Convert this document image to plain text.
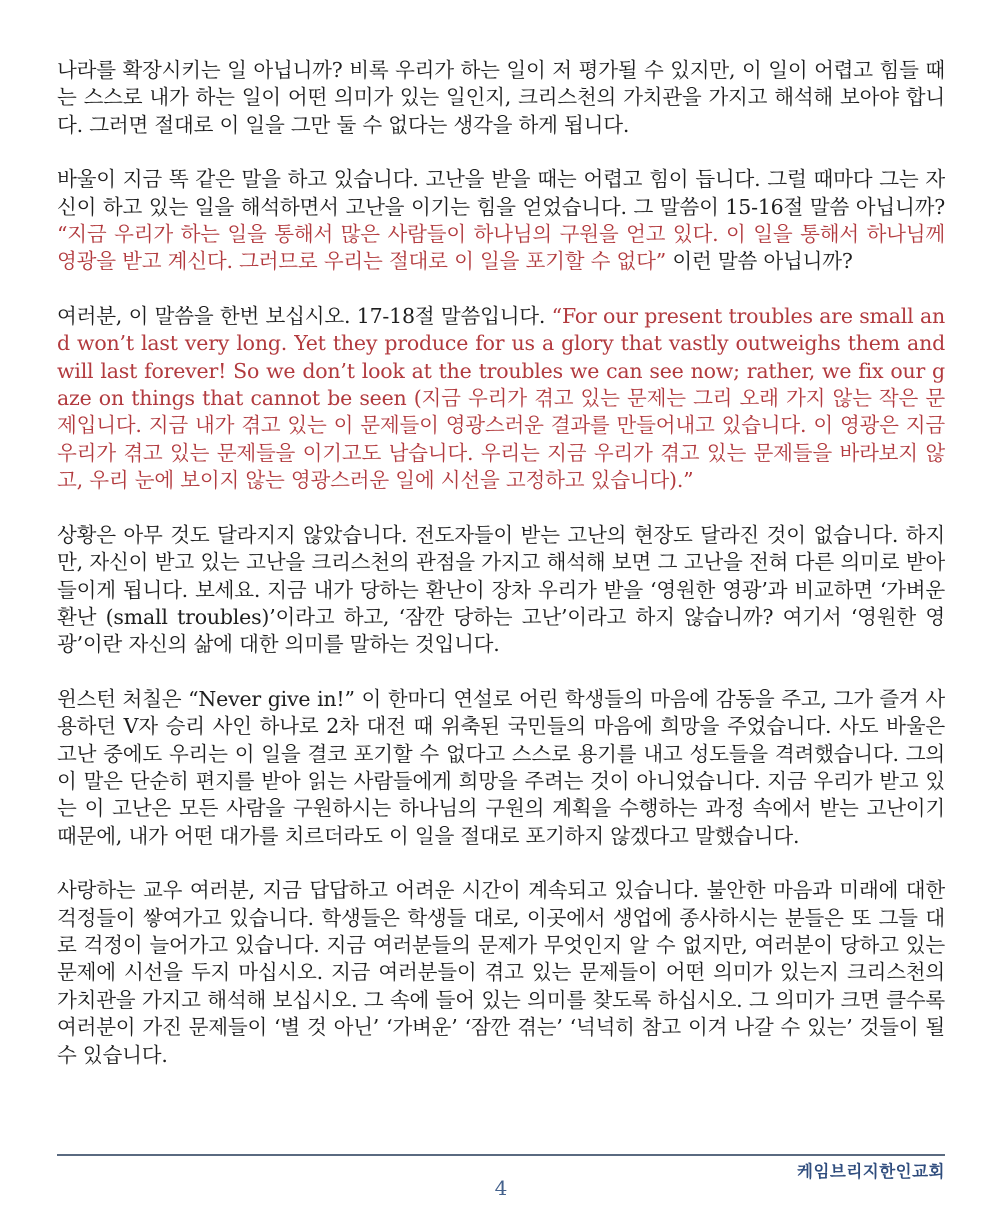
나라를 확장시키는 일 아닙니까? 비록 우리가 하는 일이 저 평가될 수 있지만, 이 일이 어렵고 힘들 때는 스스로 내가 하는 일이 어떤 의미가 있는 일인지, 크리스천의 가치관을 가지고 해석해 보아야 합니다. 그러면 절대로 이 일을 그만 둘 수 없다는 생각을 하게 됩니다.

바울이 지금 똑 같은 말을 하고 있습니다. 고난을 받을 때는 어렵고 힘이 듭니다. 그럴 때마다 그는 자신이 하고 있는 일을 해석하면서 고난을 이기는 힘을 얻었습니다. 그 말씀이 15-16절 말씀 아닙니까? “지금 우리가 하는 일을 통해서 많은 사람들이 하나님의 구원을 얻고 있다. 이 일을 통해서 하나님께 영광을 받고 계신다. 그러므로 우리는 절대로 이 일을 포기할 수 없다” 이런 말씀 아닙니까?

여러분, 이 말씀을 한번 보십시오. 17-18절 말씀입니다. “For our present troubles are small and won’t last very long. Yet they produce for us a glory that vastly outweighs them and will last forever! So we don’t look at the troubles we can see now; rather, we fix our gaze on things that cannot be seen (지금 우리가 겪고 있는 문제는 그리 오래 가지 않는 작은 문제입니다. 지금 내가 겪고 있는 이 문제들이 영광스러운 결과를 만들어내고 있습니다. 이 영광은 지금 우리가 겪고 있는 문제들을 이기고도 남습니다. 우리는 지금 우리가 겪고 있는 문제들을 바라보지 않고, 우리 눈에 보이지 않는 영광스러운 일에 시선을 고정하고 있습니다).”

상황은 아무 것도 달라지지 않았습니다. 전도자들이 받는 고난의 현장도 달라진 것이 없습니다. 하지만, 자신이 받고 있는 고난을 크리스천의 관점을 가지고 해석해 보면 그 고난을 전혀 다른 의미로 받아들이게 됩니다. 보세요. 지금 내가 당하는 환난이 장차 우리가 받을 ‘영원한 영광’과 비교하면 ‘가벼운 환난 (small troubles)’이라고 하고, ‘잠깐 당하는 고난’이라고 하지 않습니까? 여기서 ‘영원한 영광’이란 자신의 삶에 대한 의미를 말하는 것입니다.

윈스턴 처칠은 “Never give in!” 이 한마디 연설로 어린 학생들의 마음에 감동을 주고, 그가 즐겨 사용하던 V자 승리 사인 하나로 2차 대전 때 위축된 국민들의 마음에 희망을 주었습니다. 사도 바울은 고난 중에도 우리는 이 일을 결코 포기할 수 없다고 스스로 용기를 내고 성도들을 격려했습니다. 그의 이 말은 단순히 편지를 받아 읽는 사람들에게 희망을 주려는 것이 아니었습니다. 지금 우리가 받고 있는 이 고난은 모든 사람을 구원하시는 하나님의 구원의 계획을 수행하는 과정 속에서 받는 고난이기 때문에, 내가 어떤 대가를 치르더라도 이 일을 절대로 포기하지 않겠다고 말했습니다.

사랑하는 교우 여러분, 지금 답답하고 어려운 시간이 계속되고 있습니다. 불안한 마음과 미래에 대한 걱정들이 쌓여가고 있습니다. 학생들은 학생들 대로, 이곳에서 생업에 종사하시는 분들은 또 그들 대로 걱정이 늘어가고 있습니다. 지금 여러분들의 문제가 무엇인지 알 수 없지만, 여러분이 당하고 있는 문제에 시선을 두지 마십시오. 지금 여러분들이 겪고 있는 문제들이 어떤 의미가 있는지 크리스천의 가치관을 가지고 해석해 보십시오. 그 속에 들어 있는 의미를 찾도록 하십시오. 그 의미가 크면 클수록 여러분이 가진 문제들이 ‘별 것 아닌’ ‘가벼운’ ‘잠깐 겪는’ ‘넉넉히 참고 이겨 나갈 수 있는’ 것들이 될 수 있습니다.

케임브리지한인교회
4
